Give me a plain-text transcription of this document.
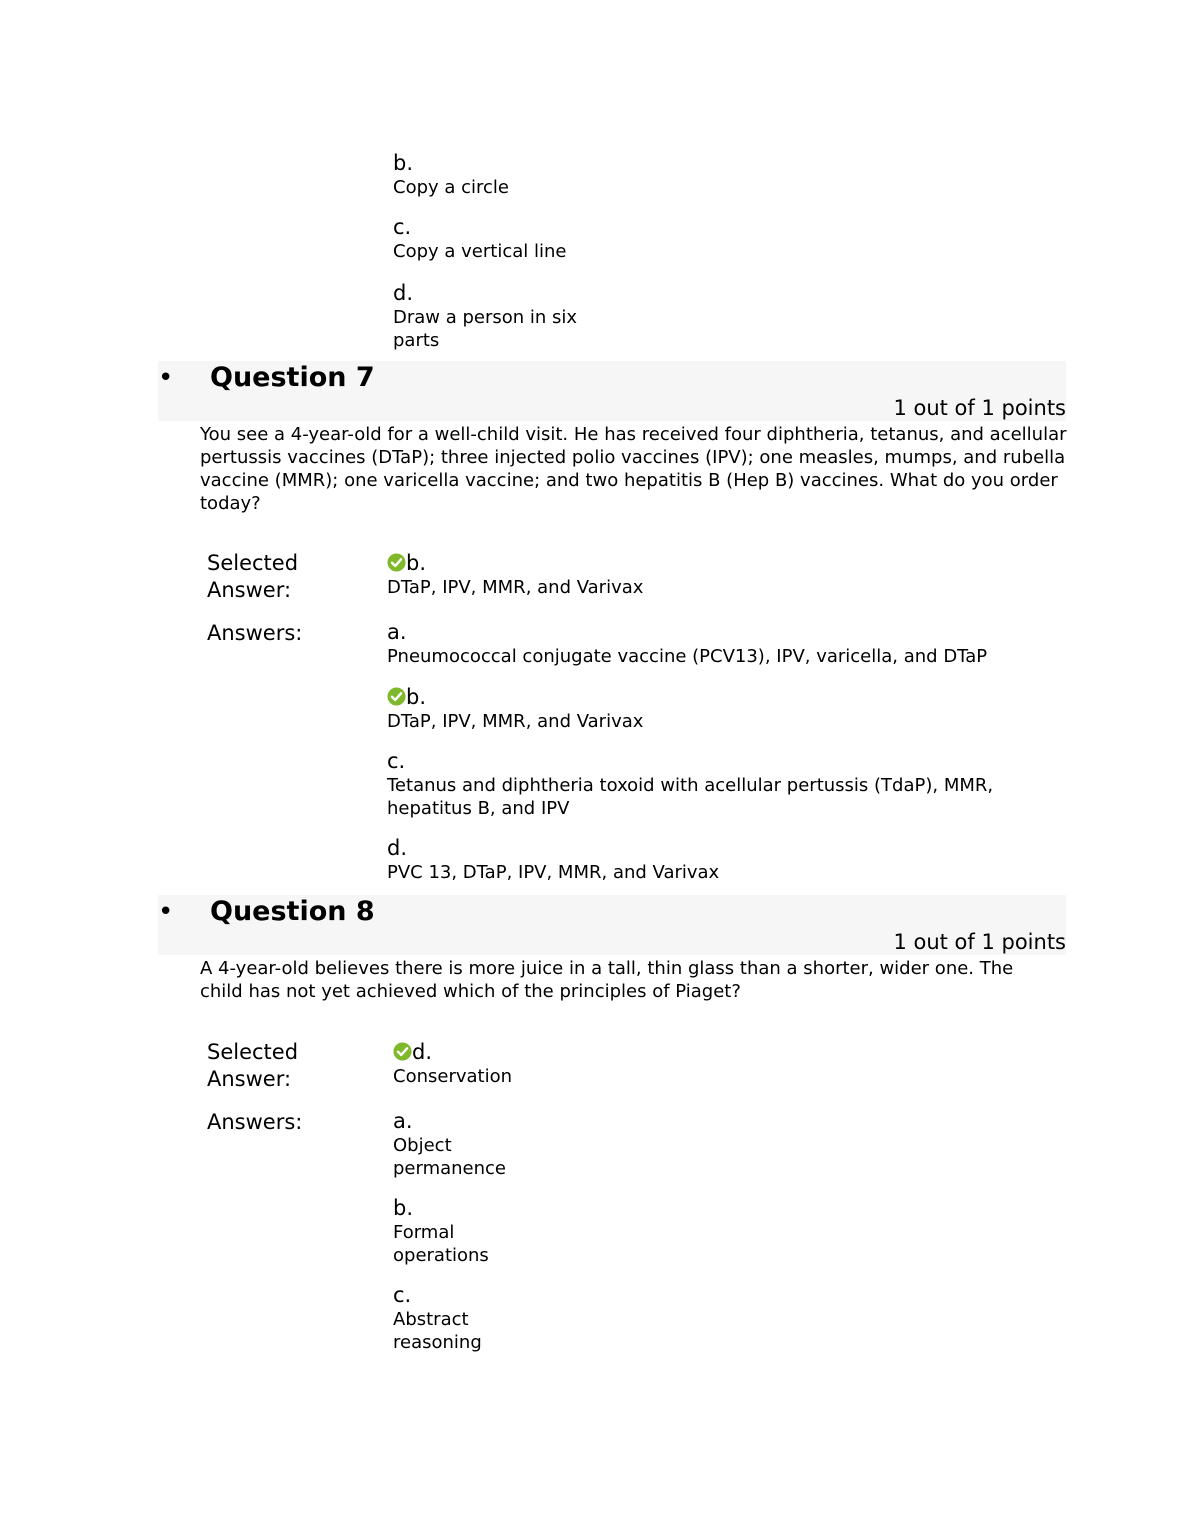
b.
Copy a circle
c.
Copy a vertical line
d.
Draw a person in six
parts
• Question 7
1 out of 1 points
You see a 4-year-old for a well-child visit. He has received four diphtheria, tetanus, and acellular pertussis vaccines (DTaP); three injected polio vaccines (IPV); one measles, mumps, and rubella vaccine (MMR); one varicella vaccine; and two hepatitis B (Hep B) vaccines. What do you order today?
Selected
Answer:
b.
DTaP, IPV, MMR, and Varivax
Answers:	a.
Pneumococcal conjugate vaccine (PCV13), IPV, varicella, and DTaP
b.
DTaP, IPV, MMR, and Varivax
c.
Tetanus and diphtheria toxoid with acellular pertussis (TdaP), MMR,
hepatitus B, and IPV
d.
PVC 13, DTaP, IPV, MMR, and Varivax
• Question 8
1 out of 1 points
A 4-year-old believes there is more juice in a tall, thin glass than a shorter, wider one. The
child has not yet achieved which of the principles of Piaget?
Selected
Answer:
d.
Conservation
Answers:	a.
Object
permanence
b.
Formal
operations
c.
Abstract
reasoning
